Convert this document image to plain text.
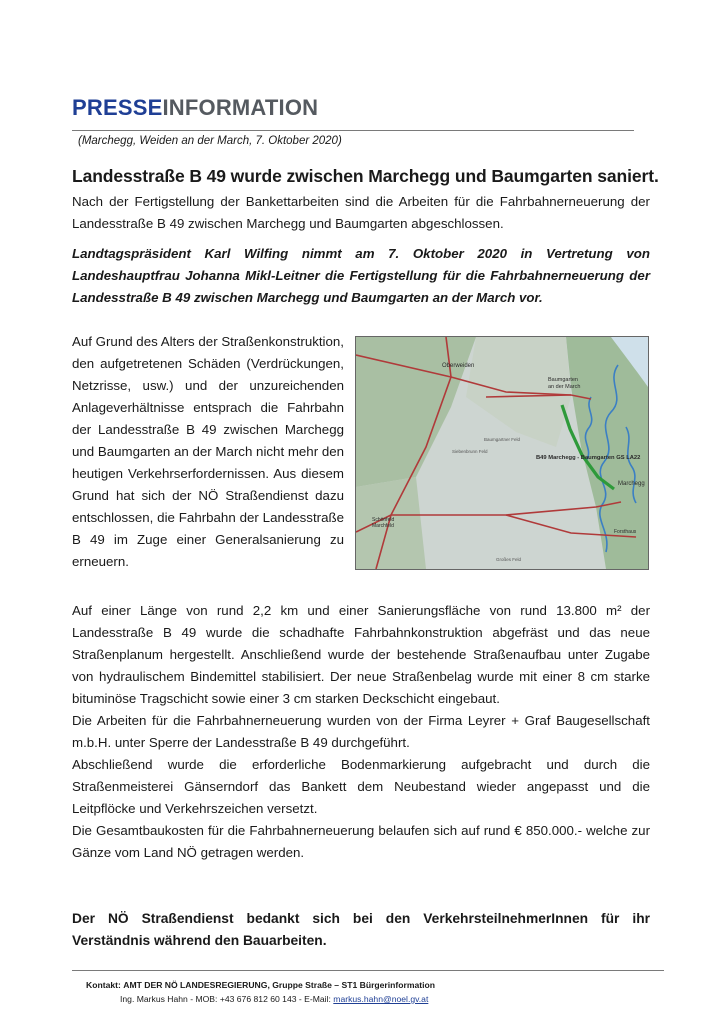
PRESSEINFORMATION
(Marchegg, Weiden an der March, 7. Oktober 2020)
Landesstraße B 49 wurde zwischen Marchegg und Baumgarten saniert.
Nach der Fertigstellung der Bankettarbeiten sind die Arbeiten für die Fahrbahnerneuerung der Landesstraße B 49 zwischen Marchegg und Baumgarten abgeschlossen.
Landtagspräsident Karl Wilfing nimmt am 7. Oktober 2020 in Vertretung von Landeshauptfrau Johanna Mikl-Leitner die Fertigstellung für die Fahrbahnerneuerung der Landesstraße B 49 zwischen Marchegg und Baumgarten an der March vor.
Auf Grund des Alters der Straßenkonstruktion, den aufgetretenen Schäden (Verdrückungen, Netzrisse, usw.) und der unzureichenden Anlageverhältnisse entsprach die Fahrbahn der Landesstraße B 49 zwischen Marchegg und Baumgarten an der March nicht mehr den heutigen Verkehrserfordernissen. Aus diesem Grund hat sich der NÖ Straßendienst dazu entschlossen, die Fahrbahn der Landesstraße B 49 im Zuge einer Generalsanierung zu erneuern.
Oberweiden
Baumgarten an der March
B49 Marchegg - Baumgarten GS LA22
Marchegg
Schönfeld Marchfeld
Forsthaus
Baumgartner Feld
Siebenbrunn Feld
Großes Feld
Auf einer Länge von rund 2,2 km und einer Sanierungsfläche von rund 13.800 m² der Landesstraße B 49 wurde die schadhafte Fahrbahnkonstruktion abgefräst und das neue Straßenplanum hergestellt. Anschließend wurde der bestehende Straßenaufbau unter Zugabe von hydraulischem Bindemittel stabilisiert. Der neue Straßenbelag wurde mit einer 8 cm starke bituminöse Tragschicht sowie einer 3 cm starken Deckschicht eingebaut.
Die Arbeiten für die Fahrbahnerneuerung wurden von der Firma Leyrer + Graf Baugesellschaft m.b.H. unter Sperre der Landesstraße B 49 durchgeführt.
Abschließend wurde die erforderliche Bodenmarkierung aufgebracht und durch die Straßenmeisterei Gänserndorf das Bankett dem Neubestand wieder angepasst und die Leitpflöcke und Verkehrszeichen versetzt.
Die Gesamtbaukosten für die Fahrbahnerneuerung belaufen sich auf rund € 850.000.- welche zur Gänze vom Land NÖ getragen werden.
Der NÖ Straßendienst bedankt sich bei den VerkehrsteilnehmerInnen für ihr Verständnis während den Bauarbeiten.
Kontakt: AMT DER NÖ LANDESREGIERUNG, Gruppe Straße – ST1 Bürgerinformation
Ing. Markus Hahn - MOB: +43 676 812 60 143 - E-Mail: markus.hahn@noel.gv.at
